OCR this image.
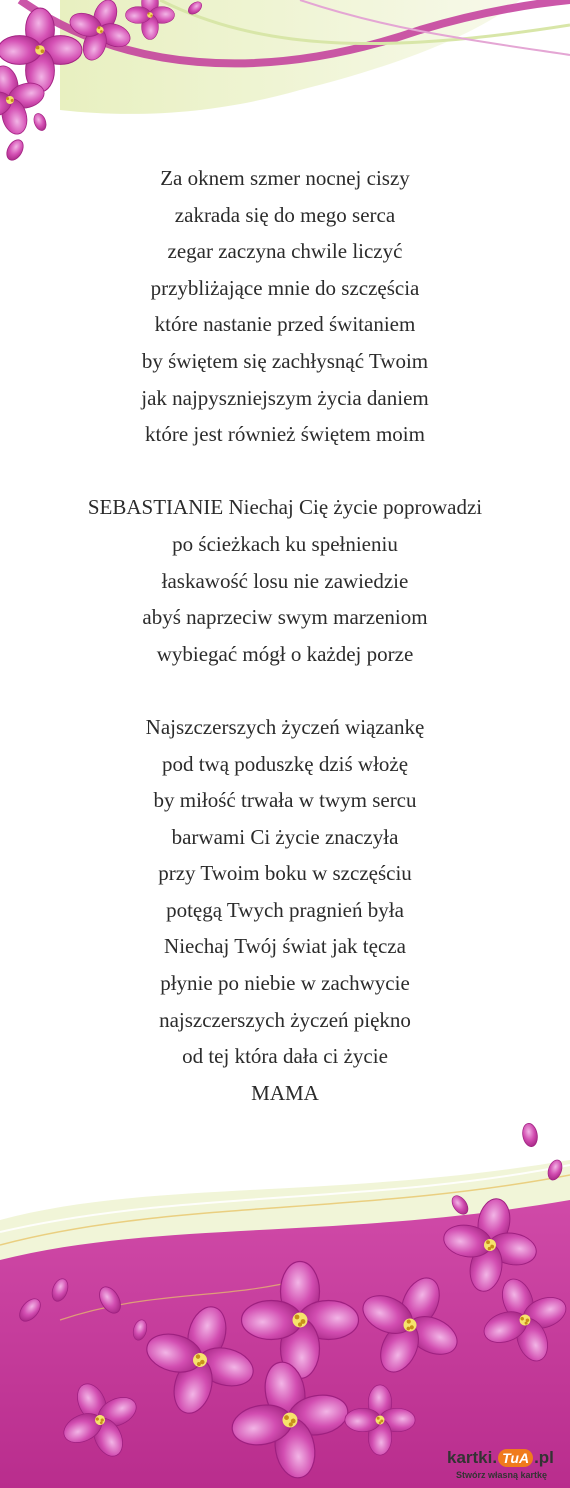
Za oknem szmer nocnej ciszy
zakrada się do mego serca
zegar zaczyna chwile liczyć
przybliżające mnie do szczęścia
które nastanie przed świtaniem
by świętem się zachłysnąć Twoim
jak najpyszniejszym życia daniem
które jest również świętem moim
SEBASTIANIE Niechaj Cię życie poprowadzi
po ścieżkach ku spełnieniu
łaskawość losu nie zawiedzie
abyś naprzeciw swym marzeniom
wybiegać mógł o każdej porze
Najszczerszych życzeń wiązankę
pod twą poduszkę dziś włożę
by miłość trwała w twym sercu
barwami Ci życie znaczyła
przy Twoim boku w szczęściu
potęgą Twych pragnień była
Niechaj Twój świat jak tęcza
płynie po niebie w zachwycie
najszczerszych życzeń piękno
od tej która dała ci życie
MAMA
kartki. TuA .pl
Stwórz własną kartkę
